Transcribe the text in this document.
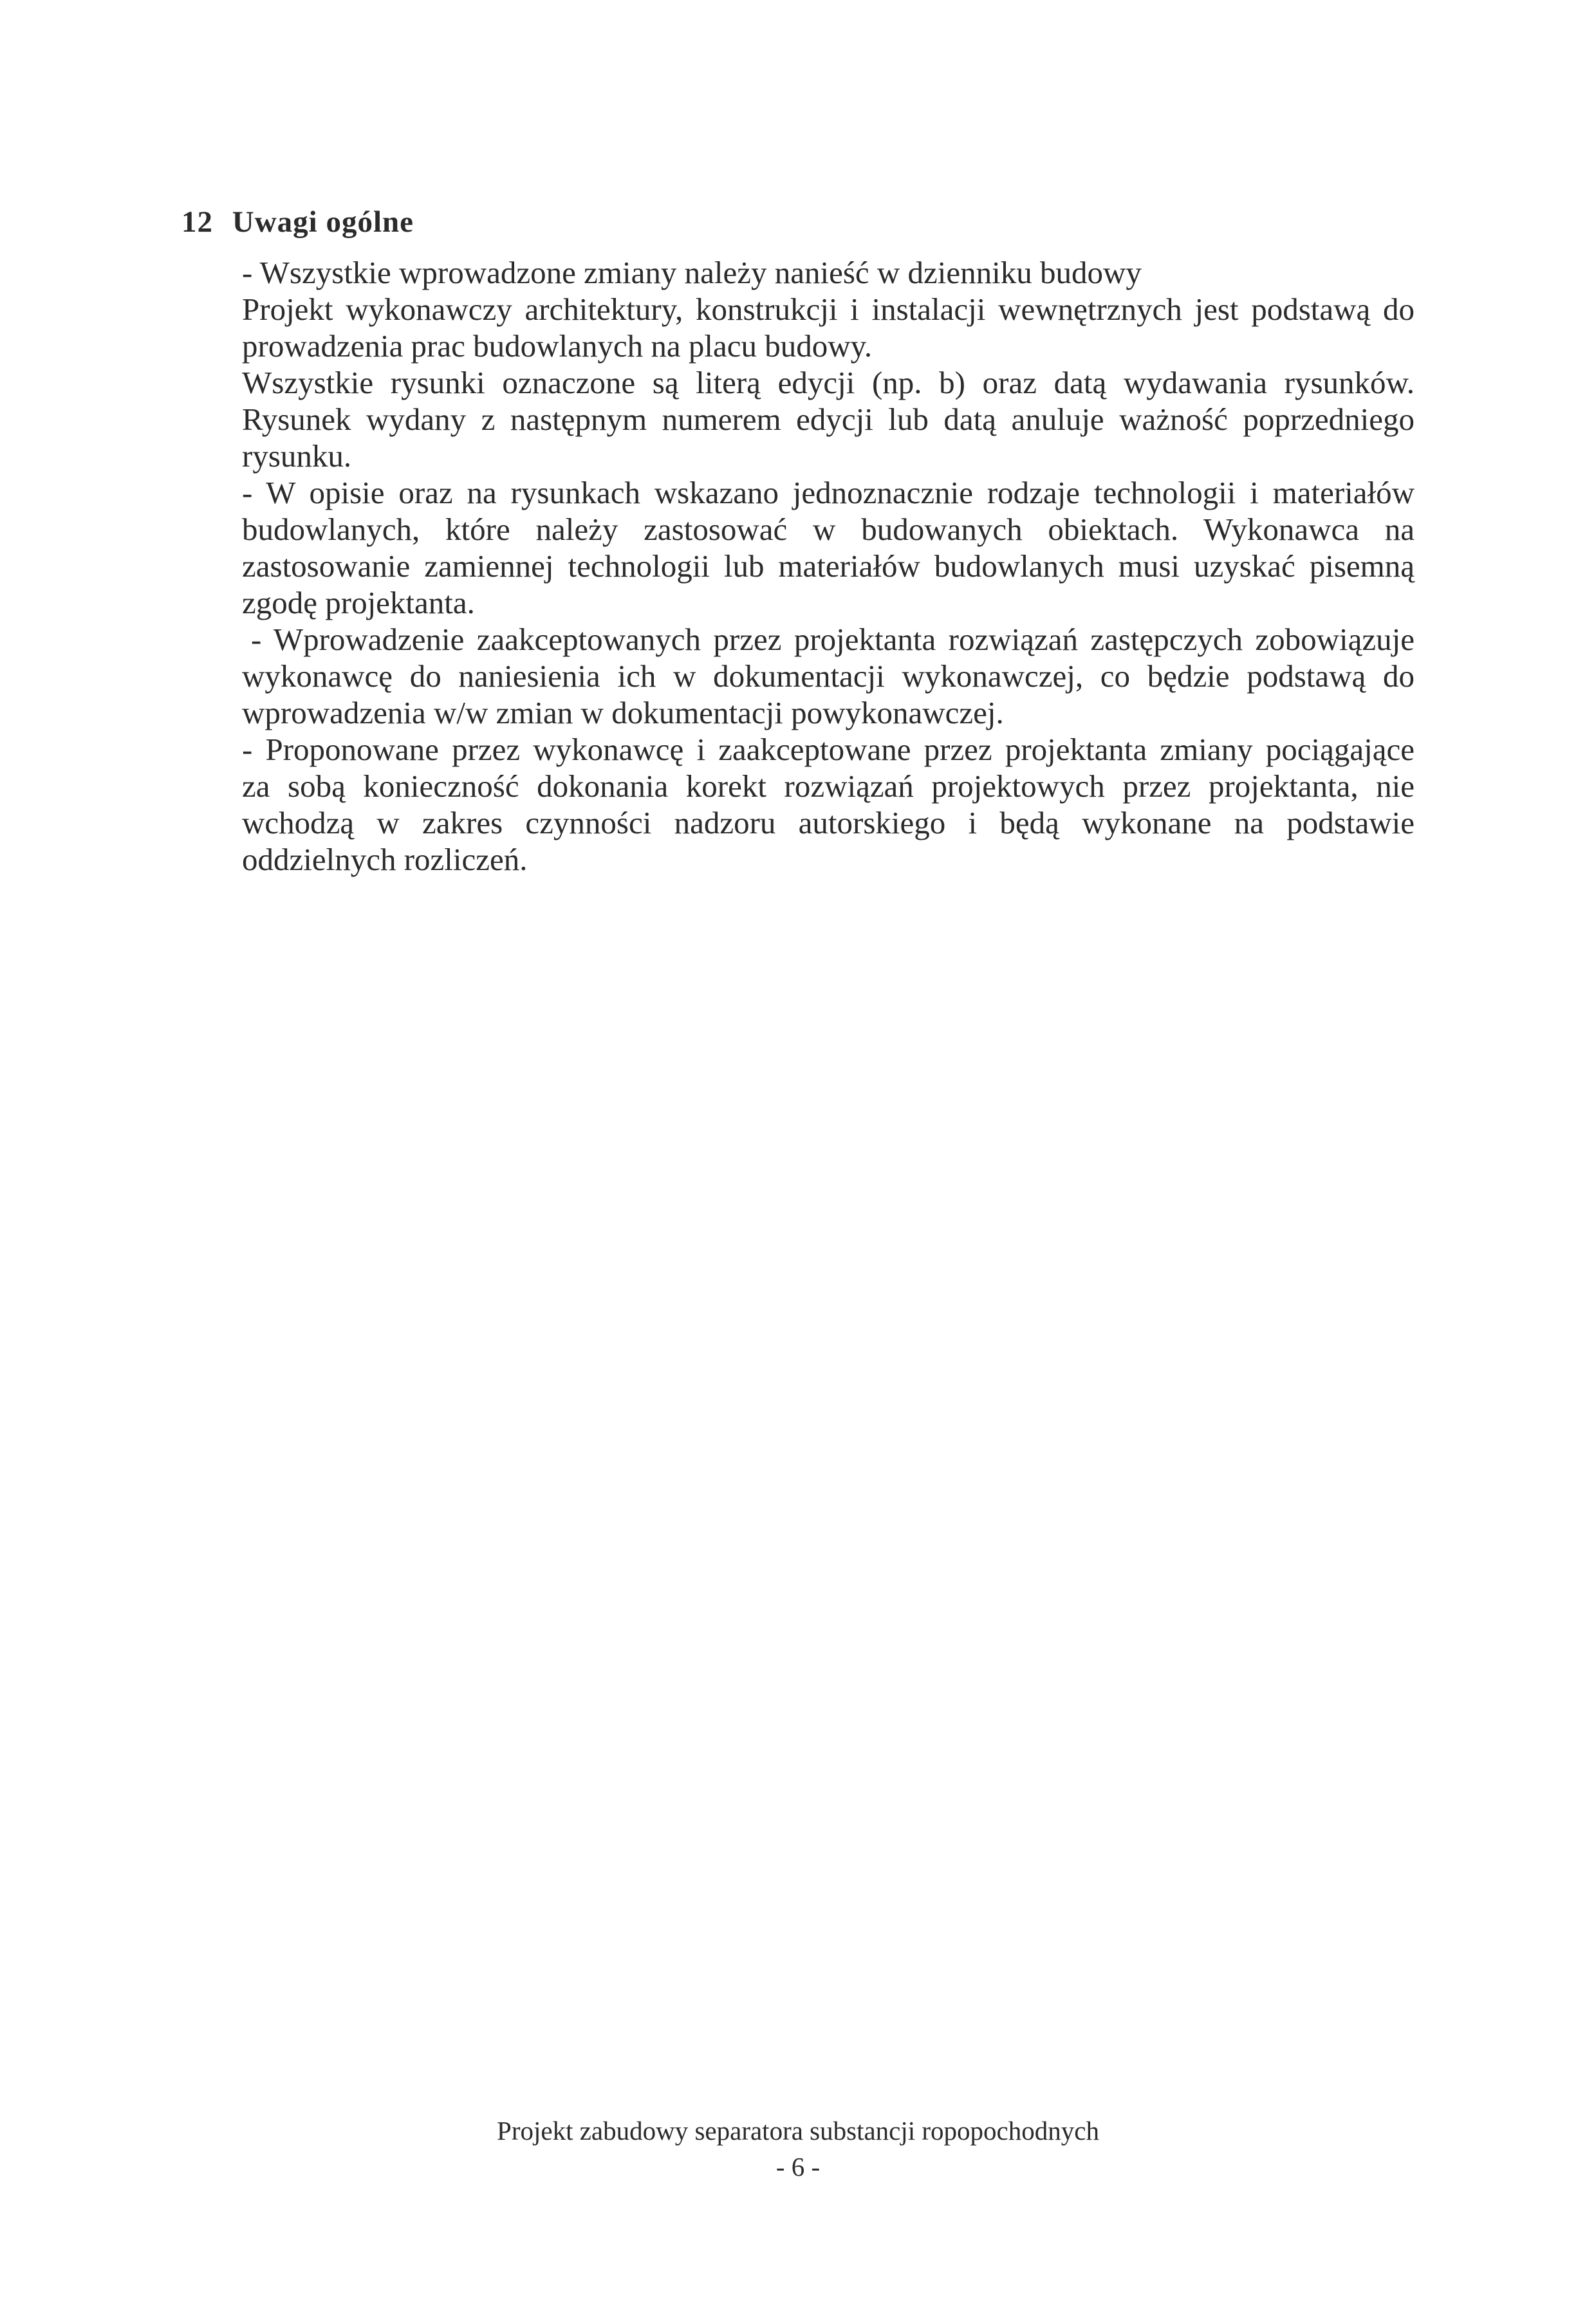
12 Uwagi ogólne
- Wszystkie wprowadzone zmiany należy nanieść w dzienniku budowy
Projekt wykonawczy architektury, konstrukcji i instalacji wewnętrznych jest podstawą do
prowadzenia prac budowlanych na placu budowy.
Wszystkie rysunki oznaczone są literą edycji (np. b) oraz datą wydawania rysunków.
Rysunek wydany z następnym numerem edycji lub datą anuluje ważność poprzedniego
rysunku.
- W opisie oraz na rysunkach wskazano jednoznacznie rodzaje technologii i materiałów
budowlanych, które należy zastosować w budowanych obiektach. Wykonawca na
zastosowanie zamiennej technologii lub materiałów budowlanych musi uzyskać pisemną
zgodę projektanta.
- Wprowadzenie zaakceptowanych przez projektanta rozwiązań zastępczych zobowiązuje
wykonawcę do naniesienia ich w dokumentacji wykonawczej, co będzie podstawą do
wprowadzenia w/w zmian w dokumentacji powykonawczej.
- Proponowane przez wykonawcę i zaakceptowane przez projektanta zmiany pociągające
za sobą konieczność dokonania korekt rozwiązań projektowych przez projektanta, nie
wchodzą w zakres czynności nadzoru autorskiego i będą wykonane na podstawie
oddzielnych rozliczeń.
Projekt zabudowy separatora substancji ropopochodnych
- 6 -
